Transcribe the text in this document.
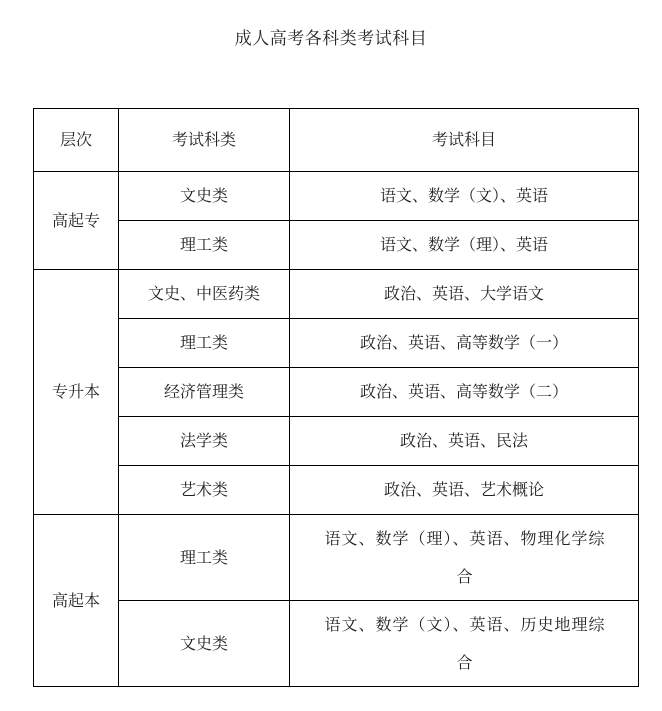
成人高考各科类考试科目
层次	考试科类	考试科目
高起专	文史类	语文、数学（文）、英语
	理工类	语文、数学（理）、英语
专升本	文史、中医药类	政治、英语、大学语文
	理工类	政治、英语、高等数学（一）
	经济管理类	政治、英语、高等数学（二）
	法学类	政治、英语、民法
	艺术类	政治、英语、艺术概论
高起本	理工类	语文、数学（理）、英语、物理化学综
合

	文史类	语文、数学（文）、英语、历史地理综
合
